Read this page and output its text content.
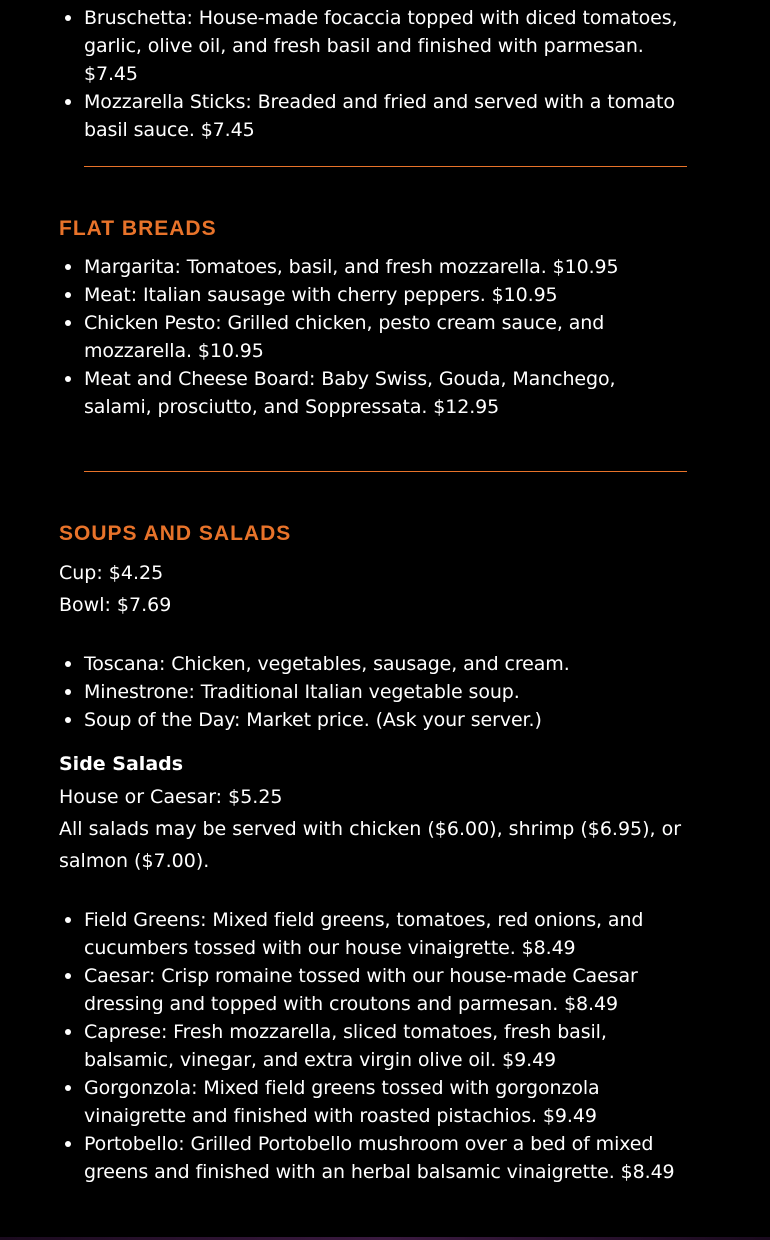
Bruschetta: House-made focaccia topped with diced tomatoes, garlic, olive oil, and fresh basil and finished with parmesan. $7.45
Mozzarella Sticks: Breaded and fried and served with a tomato basil sauce. $7.45
FLAT BREADS
Margarita: Tomatoes, basil, and fresh mozzarella. $10.95
Meat: Italian sausage with cherry peppers. $10.95
Chicken Pesto: Grilled chicken, pesto cream sauce, and mozzarella. $10.95
Meat and Cheese Board: Baby Swiss, Gouda, Manchego, salami, prosciutto, and Soppressata. $12.95
SOUPS AND SALADS

Cup: $4.25

Bowl: $7.69

Toscana: Chicken, vegetables, sausage, and cream.
Minestrone: Traditional Italian vegetable soup.
Soup of the Day: Market price. (Ask your server.)
Side Salads

House or Caesar: $5.25

All salads may be served with chicken ($6.00), shrimp ($6.95), or salmon ($7.00).

Field Greens: Mixed field greens, tomatoes, red onions, and cucumbers tossed with our house vinaigrette. $8.49
Caesar: Crisp romaine tossed with our house-made Caesar dressing and topped with croutons and parmesan. $8.49
Caprese: Fresh mozzarella, sliced tomatoes, fresh basil, balsamic, vinegar, and extra virgin olive oil. $9.49
Gorgonzola: Mixed field greens tossed with gorgonzola vinaigrette and finished with roasted pistachios. $9.49
Portobello: Grilled Portobello mushroom over a bed of mixed greens and finished with an herbal balsamic vinaigrette. $8.49
